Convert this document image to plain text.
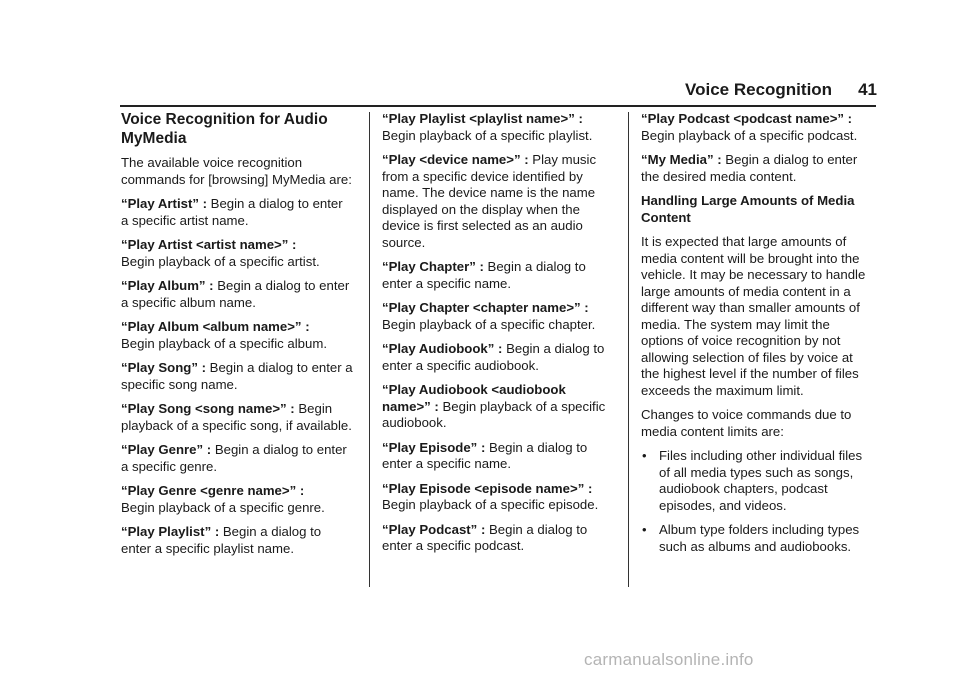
Voice Recognition 41
Voice Recognition for Audio MyMedia

The available voice recognition commands for [browsing] MyMedia are:

“Play Artist” : Begin a dialog to enter a specific artist name.

“Play Artist <artist name>” :
Begin playback of a specific artist.

“Play Album” : Begin a dialog to enter a specific album name.

“Play Album <album name>” :
Begin playback of a specific album.

“Play Song” : Begin a dialog to enter a specific song name.

“Play Song <song name>” : Begin playback of a specific song, if available.

“Play Genre” : Begin a dialog to enter a specific genre.

“Play Genre <genre name>” :
Begin playback of a specific genre.

“Play Playlist” : Begin a dialog to enter a specific playlist name.

“Play Playlist <playlist name>” :
Begin playback of a specific playlist.

“Play <device name>” : Play music from a specific device identified by name. The device name is the name displayed on the display when the device is first selected as an audio source.

“Play Chapter” : Begin a dialog to enter a specific name.

“Play Chapter <chapter name>” :
Begin playback of a specific chapter.

“Play Audiobook” : Begin a dialog to enter a specific audiobook.

“Play Audiobook <audiobook name>” : Begin playback of a specific audiobook.

“Play Episode” : Begin a dialog to enter a specific name.

“Play Episode <episode name>” : Begin playback of a specific episode.

“Play Podcast” : Begin a dialog to enter a specific podcast.

“Play Podcast <podcast name>” : Begin playback of a specific podcast.

“My Media” : Begin a dialog to enter the desired media content.

Handling Large Amounts of Media Content

It is expected that large amounts of media content will be brought into the vehicle. It may be necessary to handle large amounts of media content in a different way than smaller amounts of media. The system may limit the options of voice recognition by not allowing selection of files by voice at the highest level if the number of files exceeds the maximum limit.

Changes to voice commands due to media content limits are:

• Files including other individual files of all media types such as songs, audiobook chapters, podcast episodes, and videos.
• Album type folders including types such as albums and audiobooks.
carmanualsonline.info
